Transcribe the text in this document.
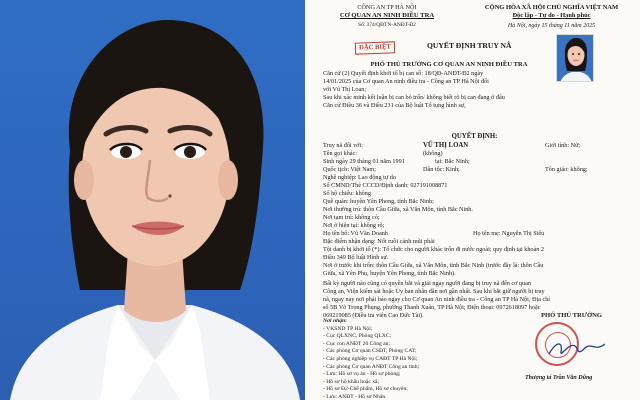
CÔNG AN TP HÀ NỘI
CƠ QUAN AN NINH ĐIỀU TRA
Số: 374/QĐTN-ANĐT-Đ2
CỘNG HÒA XÃ HỘI CHỦ NGHĨA VIỆT NAM
Độc lập - Tự do - Hạnh phúc
Hà Nội, ngày 15 tháng 11 năm 2025
ĐẶC BIỆT	QUYẾT ĐỊNH TRUY NÃ
PHÓ THỦ TRƯỞNG CƠ QUAN AN NINH ĐIỀU TRA
Căn cứ (2) Quyết định khởi tố bị can số: 18/QĐ-ANĐT-Đ2 ngày
14/01/2025 của Cơ quan An ninh điều tra - Công an TP Hà Nội đối
với Vũ Thị Loan;
Sau khi xác minh kết luận bị can bỏ trốn/ không biết rõ bị can đang ở đâu
Căn cứ Điều 36 và Điều 231 của Bộ luật Tố tụng hình sự,
QUYẾT ĐỊNH:
Truy nã đối với:	VŨ THỊ LOAN	Giới tính: Nữ;
Tên gọi khác:	(không)
Sinh ngày 29 tháng 01 năm 1991	tại: Bắc Ninh;
Quốc tịch: Việt Nam;	Dân tộc: Kinh;	Tôn giáo: không;
Nghề nghiệp: Lao động tự do
Số CMND/Thẻ CCCD/Định danh: 027191008871
Số hộ chiếu: không
Quê quán: huyện Yên Phong, tỉnh Bắc Ninh;
Nơi thường trú: thôn Cầu Giữa, xã Văn Môn, tỉnh Bắc Ninh.
Nơi tạm trú: không có;
Nơi ở hiện tại: không rõ;
Họ tên bố: Vũ Văn Doanh	Họ tên mẹ: Nguyễn Thị Siêu
Đặc điểm nhận dạng: Nốt ruồi cánh mũi phải
Tội danh bị khởi tố (*): Tổ chức cho người khác trốn đi nước ngoài; quy định tại khoản 2
Điều 349 Bộ luật Hình sự.
Nơi ở trước khi trốn: thôn Cầu Giữa, xã Văn Môn, tỉnh Bắc Ninh (trước đây là: thôn Cầu
Giữa, xã Yên Phụ, huyện Yên Phong, tỉnh Bắc Ninh).
Bất kỳ người nào cũng có quyền bắt và giải ngay người đang bị truy nã đến cơ quan
Công an, Viện kiểm sát hoặc Ủy ban nhân dân nơi gần nhất. Sau khi bắt giữ người bị truy
nã, ngay nay nơi phải báo ngay cho Cơ quan An ninh điều tra - Công an TP Hà Nội, Địa chỉ
số 5B Võ Trọng Phụng, phường Thanh Xuân, TP Hà Nội; Điện thoại: 0972618097 hoặc
069219085 (Điều tra viên Cao Đức Tài).
Nơi nhận:
- VKSND TP Hà Nội;
- Cục QLXNC, Phòng QLXC;
- Cục con ANĐT 20 Công an;
- Các phòng Cơ quan CSĐT, Phòng CAT;
- Các phòng nghiệp vụ CAĐT TP Hà Nội;
- Các phòng Cơ quan ANĐT Công an tỉnh;
- Lưu: Hồ sơ vụ án - Hồ sơ phòng;
- Hồ sơ hộ khẩu hoặc xã;
- Hồ sơ Đ2-Chế phẩm, Hồ sơ chuyên;
- Lưu: ANĐT - Hồ sơ Nhân.
PHÓ THỦ TRƯỞNG
Thượng tá Trần Văn Dũng
